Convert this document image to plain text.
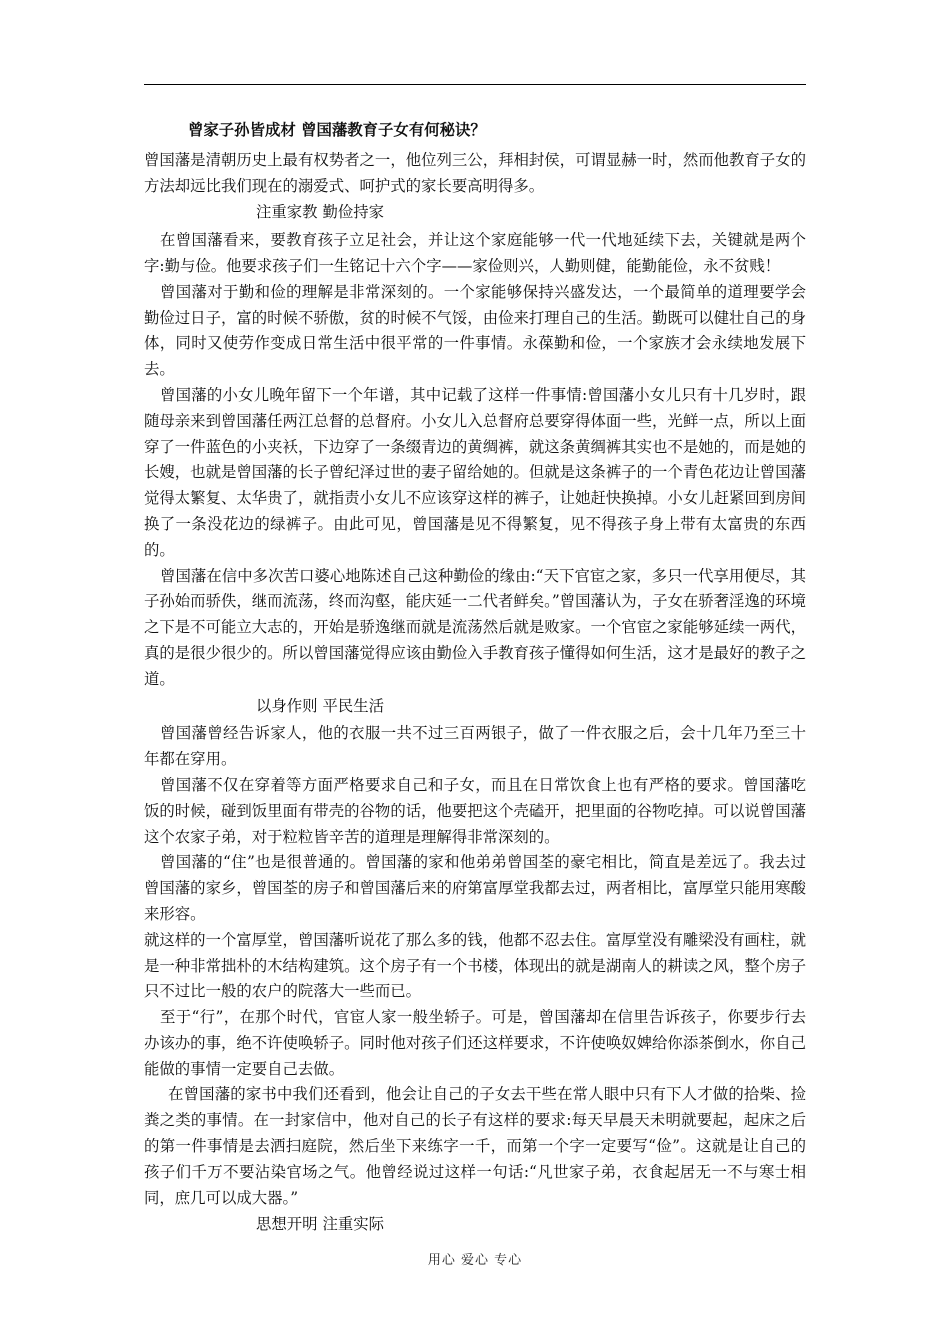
曾家子孙皆成材 曾国藩教育子女有何秘诀？

曾国藩是清朝历史上最有权势者之一，他位列三公，拜相封侯，可谓显赫一时，然而他教育子女的方法却远比我们现在的溺爱式、呵护式的家长要高明得多。

注重家教 勤俭持家

在曾国藩看来，要教育孩子立足社会，并让这个家庭能够一代一代地延续下去，关键就是两个字:勤与俭。他要求孩子们一生铭记十六个字——家俭则兴，人勤则健，能勤能俭，永不贫贱！

曾国藩对于勤和俭的理解是非常深刻的。一个家能够保持兴盛发达，一个最简单的道理要学会勤俭过日子，富的时候不骄傲，贫的时候不气馁，由俭来打理自己的生活。勤既可以健壮自己的身体，同时又使劳作变成日常生活中很平常的一件事情。永葆勤和俭，一个家族才会永续地发展下去。

曾国藩的小女儿晚年留下一个年谱，其中记载了这样一件事情:曾国藩小女儿只有十几岁时，跟随母亲来到曾国藩任两江总督的总督府。小女儿入总督府总要穿得体面一些，光鲜一点，所以上面穿了一件蓝色的小夹袄，下边穿了一条缀青边的黄绸裤，就这条黄绸裤其实也不是她的，而是她的长嫂，也就是曾国藩的长子曾纪泽过世的妻子留给她的。但就是这条裤子的一个青色花边让曾国藩觉得太繁复、太华贵了，就指责小女儿不应该穿这样的裤子，让她赶快换掉。小女儿赶紧回到房间换了一条没花边的绿裤子。由此可见，曾国藩是见不得繁复，见不得孩子身上带有太富贵的东西的。

曾国藩在信中多次苦口婆心地陈述自己这种勤俭的缘由:“天下官宦之家，多只一代享用便尽，其子孙始而骄佚，继而流荡，终而沟壑，能庆延一二代者鲜矣。”曾国藩认为，子女在骄奢淫逸的环境之下是不可能立大志的，开始是骄逸继而就是流荡然后就是败家。一个官宦之家能够延续一两代，真的是很少很少的。所以曾国藩觉得应该由勤俭入手教育孩子懂得如何生活，这才是最好的教子之道。

以身作则 平民生活

曾国藩曾经告诉家人，他的衣服一共不过三百两银子，做了一件衣服之后，会十几年乃至三十年都在穿用。

曾国藩不仅在穿着等方面严格要求自己和子女，而且在日常饮食上也有严格的要求。曾国藩吃饭的时候，碰到饭里面有带壳的谷物的话，他要把这个壳磕开，把里面的谷物吃掉。可以说曾国藩这个农家子弟，对于粒粒皆辛苦的道理是理解得非常深刻的。

曾国藩的“住”也是很普通的。曾国藩的家和他弟弟曾国荃的豪宅相比，简直是差远了。我去过曾国藩的家乡，曾国荃的房子和曾国藩后来的府第富厚堂我都去过，两者相比，富厚堂只能用寒酸来形容。

就这样的一个富厚堂，曾国藩听说花了那么多的钱，他都不忍去住。富厚堂没有雕梁没有画柱，就是一种非常拙朴的木结构建筑。这个房子有一个书楼，体现出的就是湖南人的耕读之风，整个房子只不过比一般的农户的院落大一些而已。

至于“行”，在那个时代，官宦人家一般坐轿子。可是，曾国藩却在信里告诉孩子，你要步行去办该办的事，绝不许使唤轿子。同时他对孩子们还这样要求，不许使唤奴婢给你添茶倒水，你自己能做的事情一定要自己去做。

在曾国藩的家书中我们还看到，他会让自己的子女去干些在常人眼中只有下人才做的拾柴、捡粪之类的事情。在一封家信中，他对自己的长子有这样的要求:每天早晨天未明就要起，起床之后的第一件事情是去洒扫庭院，然后坐下来练字一千，而第一个字一定要写“俭”。这就是让自己的孩子们千万不要沾染官场之气。他曾经说过这样一句话:“凡世家子弟，衣食起居无一不与寒士相同，庶几可以成大器。”

思想开明 注重实际

用心 爱心 专心
